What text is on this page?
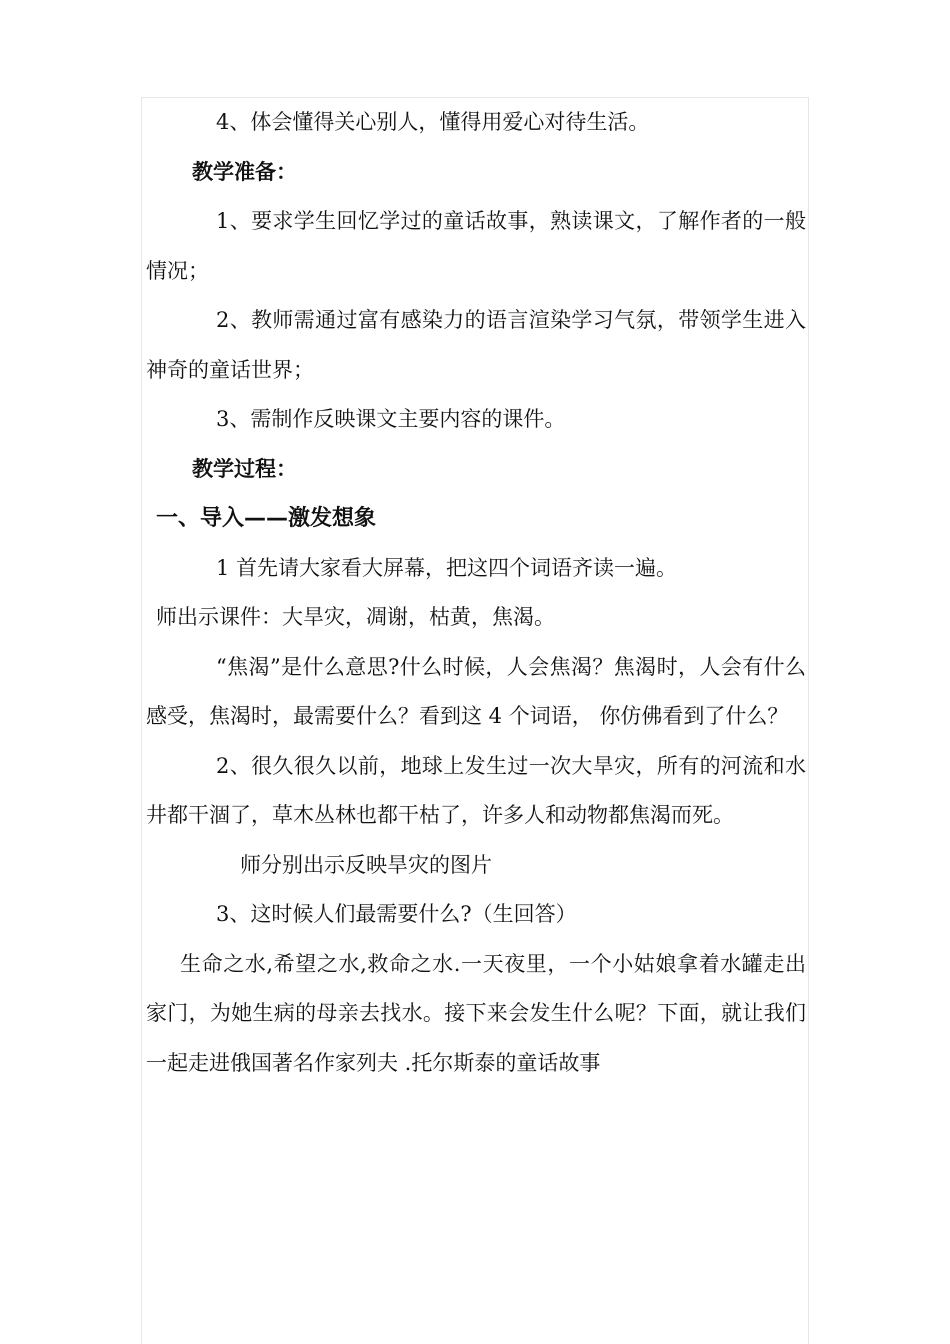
4、体会懂得关心别人，懂得用爱心对待生活。

教学准备：

1、要求学生回忆学过的童话故事，熟读课文，了解作者的一般情况；

2、教师需通过富有感染力的语言渲染学习气氛，带领学生进入神奇的童话世界；

3、需制作反映课文主要内容的课件。

教学过程：

一、导入——激发想象

1 首先请大家看大屏幕，把这四个词语齐读一遍。

师出示课件：大旱灾，凋谢，枯黄，焦渴。

“焦渴”是什么意思?什么时候，人会焦渴？焦渴时，人会有什么感受，焦渴时，最需要什么？看到这 4 个词语， 你仿佛看到了什么？

2、很久很久以前，地球上发生过一次大旱灾，所有的河流和水井都干涸了，草木丛林也都干枯了，许多人和动物都焦渴而死。

师分别出示反映旱灾的图片

3、这时候人们最需要什么?（生回答）

生命之水,希望之水,救命之水.一天夜里，一个小姑娘拿着水罐走出家门，为她生病的母亲去找水。接下来会发生什么呢？下面，就让我们一起走进俄国著名作家列夫 .托尔斯泰的童话故事
